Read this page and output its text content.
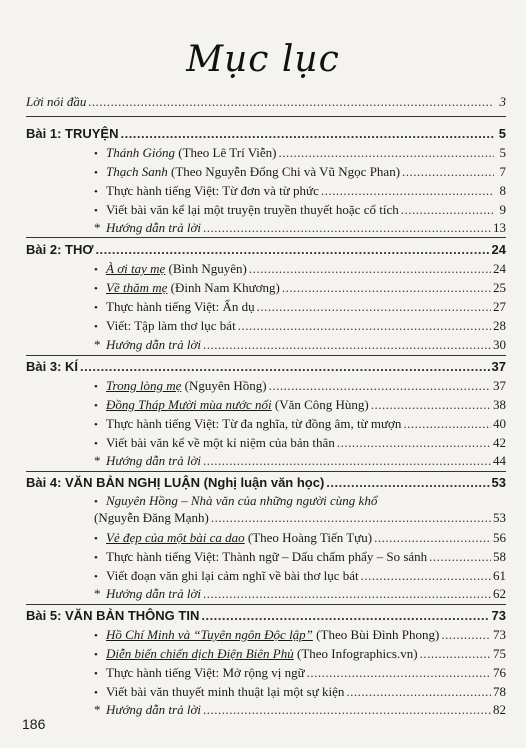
Mục lục
Lời nói đầu .....	3
Bài 1: TRUYỆN .....	5
• Thánh Gióng (Theo Lê Trí Viễn) .....	5
• Thạch Sanh (Theo Nguyễn Đổng Chi và Vũ Ngọc Phan) .....	7
• Thực hành tiếng Việt: Từ đơn và từ phức .....	8
• Viết bài văn kể lại một truyện truyền thuyết hoặc cổ tích .....	9
* Hướng dẫn trả lời .....	13
Bài 2: THƠ .....	24
• À ơi tay mẹ (Bình Nguyên) .....	24
• Về thăm mẹ (Đinh Nam Khương) .....	25
• Thực hành tiếng Việt: Ẩn dụ .....	27
• Viết: Tập làm thơ lục bát .....	28
* Hướng dẫn trả lời .....	30
Bài 3: KÍ .....	37
• Trong lòng mẹ (Nguyên Hồng) .....	37
• Đồng Tháp Mười mùa nước nổi (Văn Công Hùng) .....	38
• Thực hành tiếng Việt: Từ đa nghĩa, từ đồng âm, từ mượn .....	40
• Viết bài văn kể về một kỉ niệm của bản thân .....	42
* Hướng dẫn trả lời .....	44
Bài 4: VĂN BẢN NGHỊ LUẬN (Nghị luận văn học) .....	53
• Nguyên Hồng – Nhà văn của những người cùng khổ
(Nguyễn Đăng Mạnh) .....	53
• Vẻ đẹp của một bài ca dao (Theo Hoàng Tiến Tựu) .....	56
• Thực hành tiếng Việt: Thành ngữ – Dấu chấm phẩy – So sánh .....	58
• Viết đoạn văn ghi lại cảm nghĩ về bài thơ lục bát .....	61
* Hướng dẫn trả lời .....	62
Bài 5: VĂN BẢN THÔNG TIN .....	73
• Hồ Chí Minh và “Tuyên ngôn Độc lập” (Theo Bùi Đình Phong) .....	73
• Diễn biến chiến dịch Điện Biên Phủ (Theo Infographics.vn) .....	75
• Thực hành tiếng Việt: Mở rộng vị ngữ .....	76
• Viết bài văn thuyết minh thuật lại một sự kiện .....	78
* Hướng dẫn trả lời .....	82
186
